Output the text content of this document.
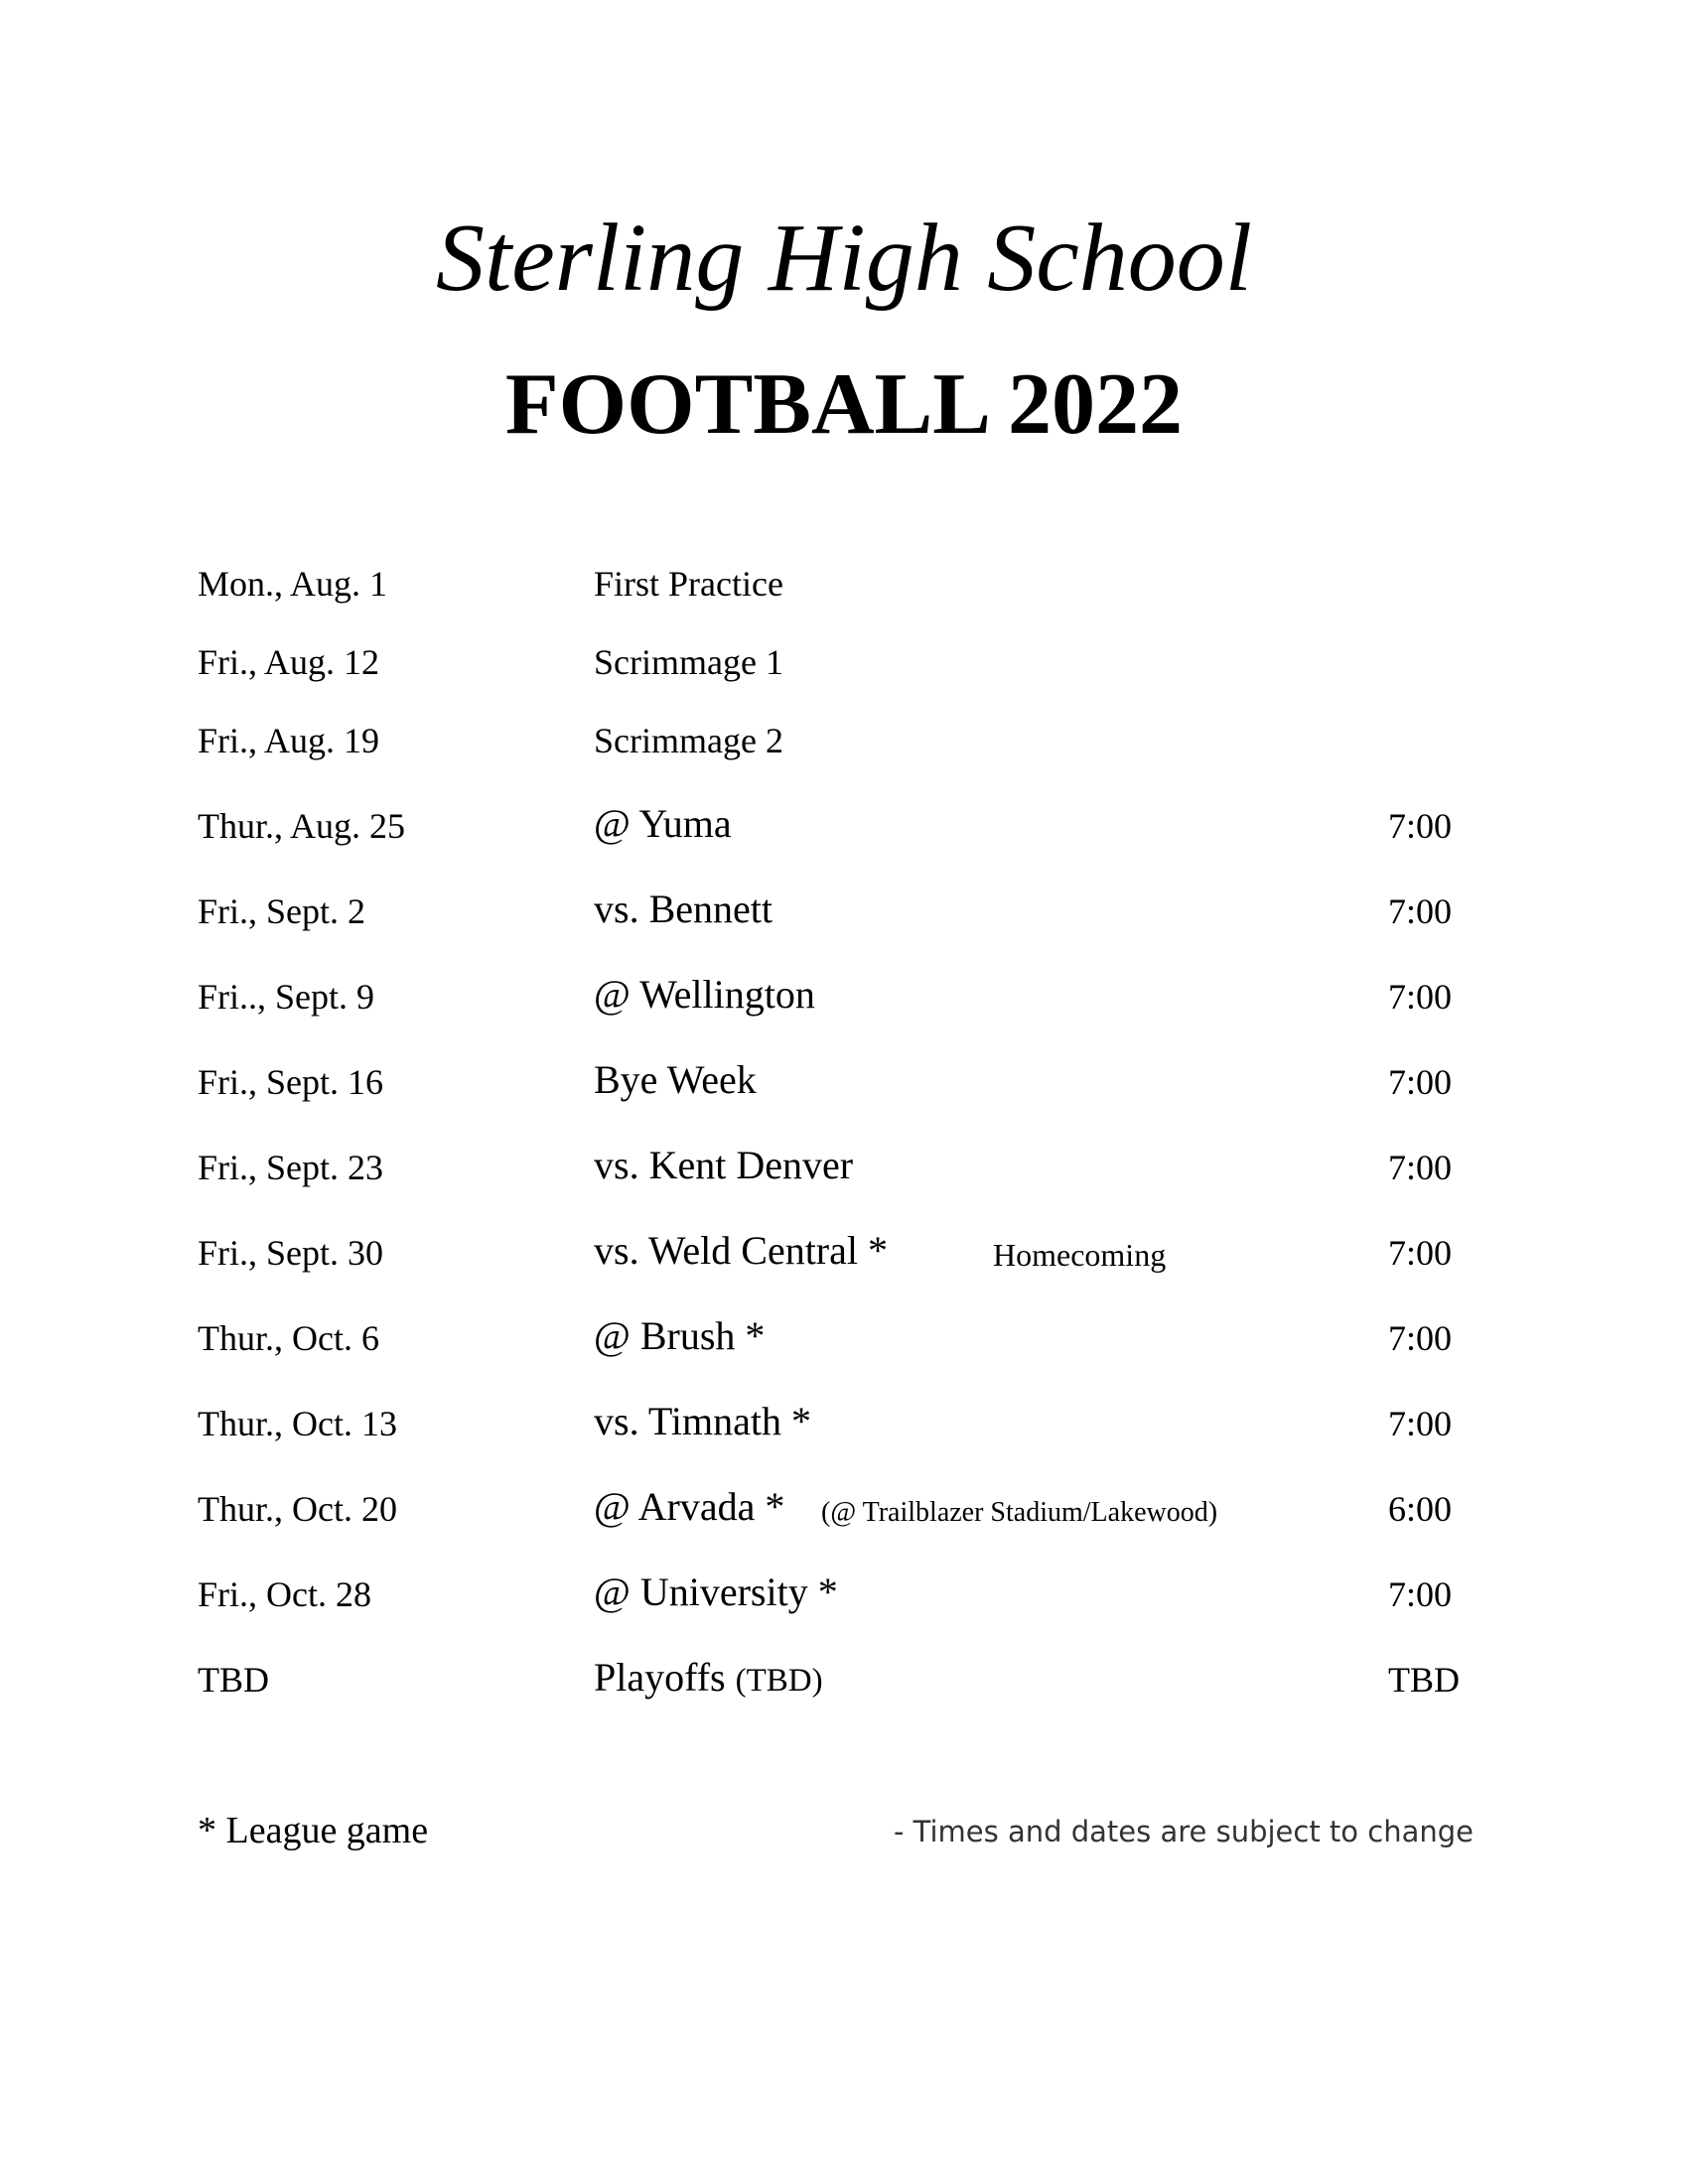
Sterling High School
FOOTBALL 2022
Mon., Aug. 1	First Practice
Fri., Aug. 12	Scrimmage 1
Fri., Aug. 19	Scrimmage 2
Thur., Aug. 25	@ Yuma	7:00
Fri., Sept. 2	vs. Bennett	7:00
Fri.., Sept. 9	@ Wellington	7:00
Fri., Sept. 16	Bye Week	7:00
Fri., Sept. 23	vs. Kent Denver	7:00
Fri., Sept. 30	vs. Weld Central *	Homecoming	7:00
Thur., Oct. 6	@ Brush *	7:00
Thur., Oct. 13	vs. Timnath *	7:00
Thur., Oct. 20	@ Arvada * (@ Trailblazer Stadium/Lakewood)	6:00
Fri., Oct. 28	@ University *	7:00
TBD	Playoffs (TBD)	TBD
* League game	- Times and dates are subject to change
